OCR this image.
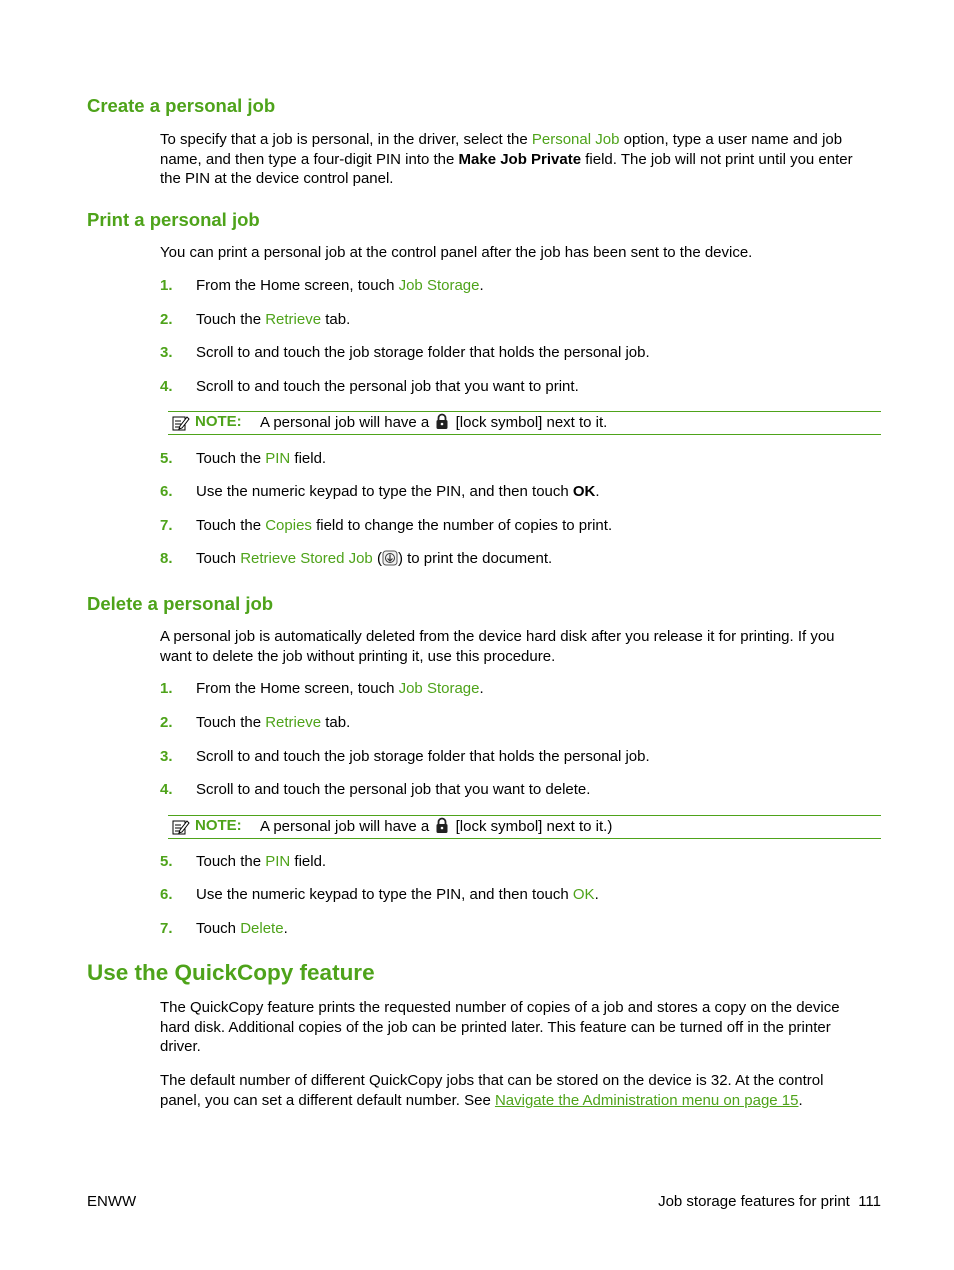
Create a personal job
To specify that a job is personal, in the driver, select the Personal Job option, type a user name and job
name, and then type a four-digit PIN into the Make Job Private field. The job will not print until you enter
the PIN at the device control panel.
Print a personal job
You can print a personal job at the control panel after the job has been sent to the device.
1. From the Home screen, touch Job Storage.
2. Touch the Retrieve tab.
3. Scroll to and touch the job storage folder that holds the personal job.
4. Scroll to and touch the personal job that you want to print.
NOTE: A personal job will have a [lock symbol] next to it.
5. Touch the PIN field.
6. Use the numeric keypad to type the PIN, and then touch OK.
7. Touch the Copies field to change the number of copies to print.
8. Touch Retrieve Stored Job ( ) to print the document.
Delete a personal job
A personal job is automatically deleted from the device hard disk after you release it for printing. If you
want to delete the job without printing it, use this procedure.
1. From the Home screen, touch Job Storage.
2. Touch the Retrieve tab.
3. Scroll to and touch the job storage folder that holds the personal job.
4. Scroll to and touch the personal job that you want to delete.
NOTE: A personal job will have a [lock symbol] next to it.)
5. Touch the PIN field.
6. Use the numeric keypad to type the PIN, and then touch OK.
7. Touch Delete.
Use the QuickCopy feature
The QuickCopy feature prints the requested number of copies of a job and stores a copy on the device
hard disk. Additional copies of the job can be printed later. This feature can be turned off in the printer
driver.
The default number of different QuickCopy jobs that can be stored on the device is 32. At the control
panel, you can set a different default number. See Navigate the Administration menu on page 15.
ENWW	Job storage features for print 111
